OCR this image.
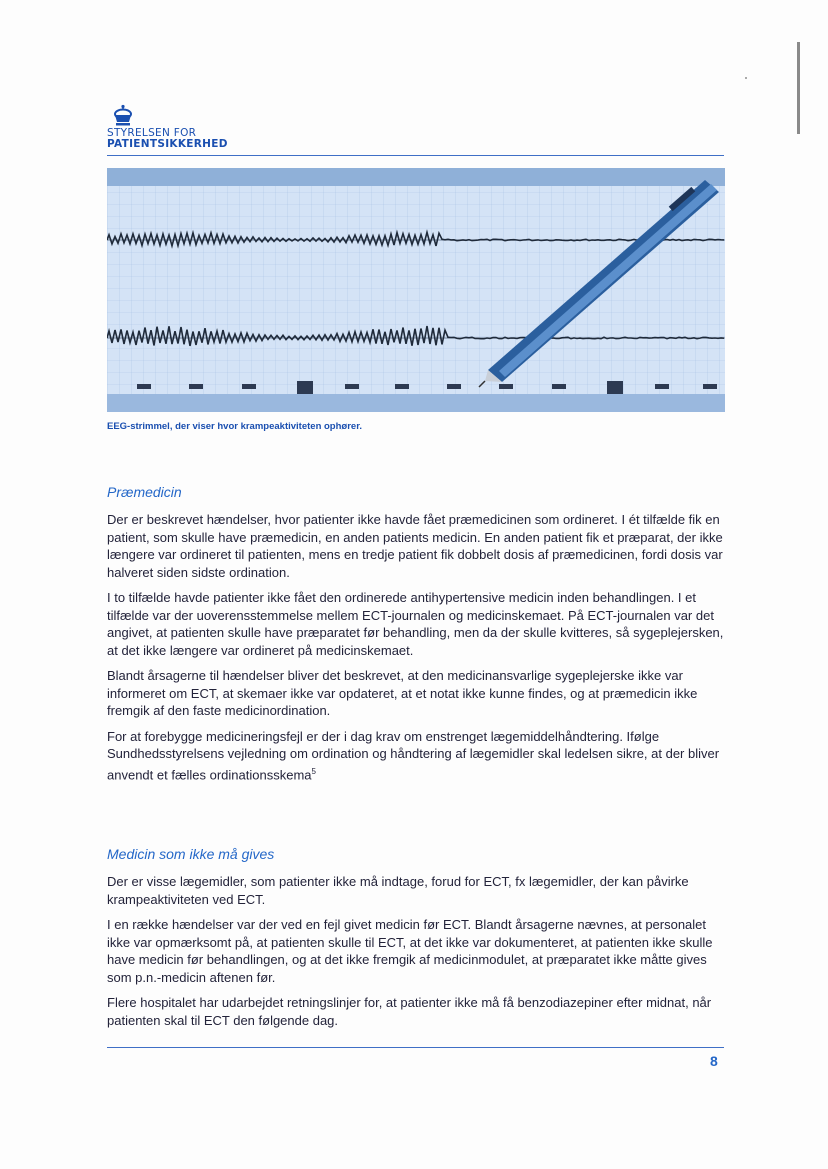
STYRELSEN FOR
PATIENTSIKKERHED
EEG-strimmel, der viser hvor krampeaktiviteten ophører.
Præmedicin

Der er beskrevet hændelser, hvor patienter ikke havde fået præmedicinen som ordineret. I ét tilfælde fik en patient, som skulle have præmedicin, en anden patients medicin. En anden patient fik et præparat, der ikke længere var ordineret til patienten, mens en tredje patient fik dobbelt dosis af præmedicinen, fordi dosis var halveret siden sidste ordination.

I to tilfælde havde patienter ikke fået den ordinerede antihypertensive medicin inden behandlingen. I et tilfælde var der uoverensstemmelse mellem ECT-journalen og medicinskemaet. På ECT-journalen var det angivet, at patienten skulle have præparatet før behandling, men da der skulle kvitteres, så sygeplejersken, at det ikke længere var ordineret på medicinskemaet.

Blandt årsagerne til hændelser bliver det beskrevet, at den medicinansvarlige sygeplejerske ikke var informeret om ECT, at skemaer ikke var opdateret, at et notat ikke kunne findes, og at præmedicin ikke fremgik af den faste medicinordination.

For at forebygge medicineringsfejl er der i dag krav om enstrenget lægemiddelhåndtering. Ifølge Sundhedsstyrelsens vejledning om ordination og håndtering af lægemidler skal ledelsen sikre, at der bliver anvendt et fælles ordinationsskema$^5$

Medicin som ikke må gives

Der er visse lægemidler, som patienter ikke må indtage, forud for ECT, fx lægemidler, der kan påvirke krampeaktiviteten ved ECT.

I en række hændelser var der ved en fejl givet medicin før ECT. Blandt årsagerne nævnes, at personalet ikke var opmærksomt på, at patienten skulle til ECT, at det ikke var dokumenteret, at patienten ikke skulle have medicin før behandlingen, og at det ikke fremgik af medicinmodulet, at præparatet ikke måtte gives som p.n.-medicin aftenen før.

Flere hospitalet har udarbejdet retningslinjer for, at patienter ikke må få benzodiazepiner efter midnat, når patienten skal til ECT den følgende dag.

8
